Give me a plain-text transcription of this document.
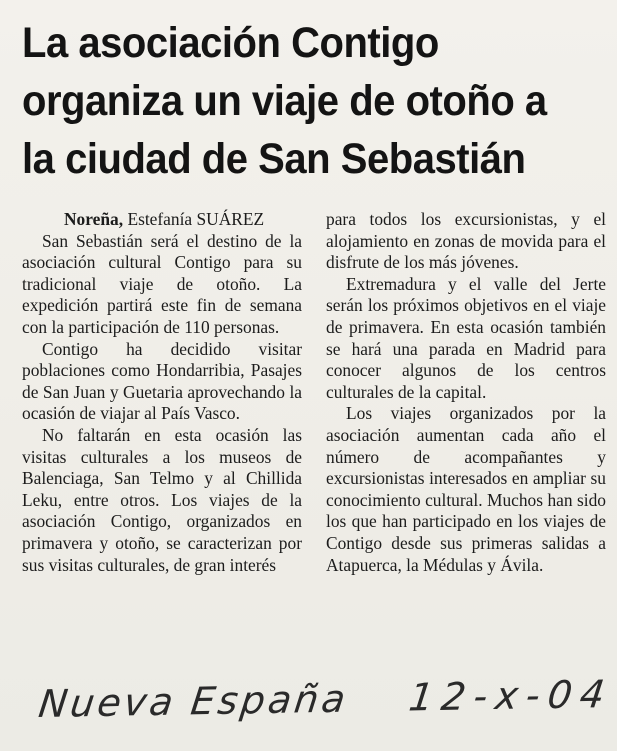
La asociación Contigo
organiza un viaje de otoño a
la ciudad de San Sebastián

Noreña, Estefanía SUÁREZ

San Sebastián será el destino de la asociación cultural Contigo para su tradicional viaje de otoño. La expedición partirá este fin de semana con la participación de 110 personas.

Contigo ha decidido visitar poblaciones como Hondarribia, Pasajes de San Juan y Guetaria aprovechando la ocasión de viajar al País Vasco.

No faltarán en esta ocasión las visitas culturales a los museos de Balenciaga, San Telmo y al Chillida Leku, entre otros. Los viajes de la asociación Contigo, organizados en primavera y otoño, se caracterizan por sus visitas culturales, de gran interés

para todos los excursionistas, y el alojamiento en zonas de movida para el disfrute de los más jóvenes.

Extremadura y el valle del Jerte serán los próximos objetivos en el viaje de primavera. En esta ocasión también se hará una parada en Madrid para conocer algunos de los centros culturales de la capital.

Los viajes organizados por la asociación aumentan cada año el número de acompañantes y excursionistas interesados en ampliar su conocimiento cultural. Muchos han sido los que han participado en los viajes de Contigo desde sus primeras salidas a Atapuerca, la Médulas y Ávila.

Nueva España 12-x-04
